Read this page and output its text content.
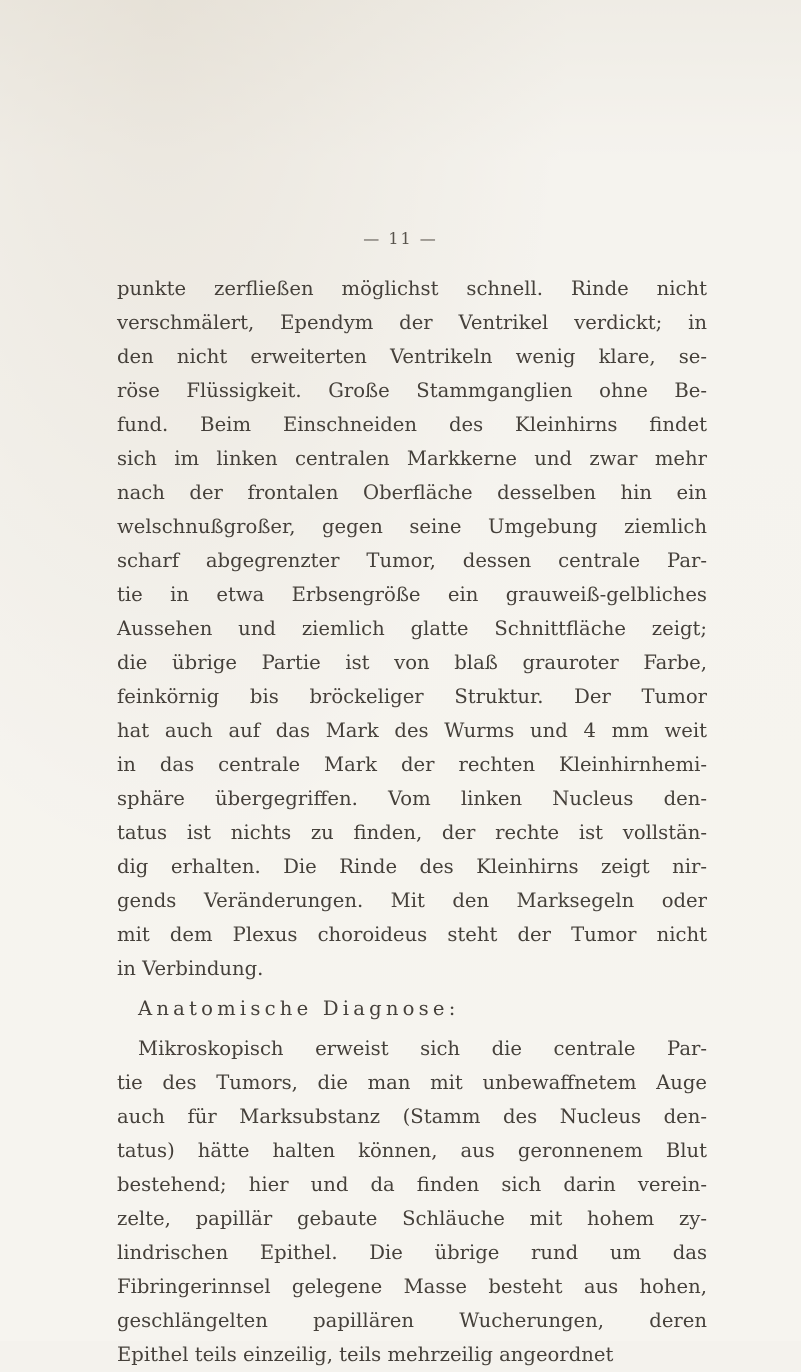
— 11 —
punkte zerfließen möglichst schnell. Rinde nicht
verschmälert, Ependym der Ventrikel verdickt; in
den nicht erweiterten Ventrikeln wenig klare, se-
röse Flüssigkeit. Große Stammganglien ohne Be-
fund. Beim Einschneiden des Kleinhirns findet
sich im linken centralen Markkerne und zwar mehr
nach der frontalen Oberfläche desselben hin ein
welschnußgroßer, gegen seine Umgebung ziemlich
scharf abgegrenzter Tumor, dessen centrale Par-
tie in etwa Erbsengröße ein grauweiß-gelbliches
Aussehen und ziemlich glatte Schnittfläche zeigt;
die übrige Partie ist von blaß grauroter Farbe,
feinkörnig bis bröckeliger Struktur. Der Tumor
hat auch auf das Mark des Wurms und 4 mm weit
in das centrale Mark der rechten Kleinhirnhemi-
sphäre übergegriffen. Vom linken Nucleus den-
tatus ist nichts zu finden, der rechte ist vollstän-
dig erhalten. Die Rinde des Kleinhirns zeigt nir-
gends Veränderungen. Mit den Marksegeln oder
mit dem Plexus choroideus steht der Tumor nicht
in Verbindung.
Anatomische Diagnose:
Mikroskopisch erweist sich die centrale Par-
tie des Tumors, die man mit unbewaffnetem Auge
auch für Marksubstanz (Stamm des Nucleus den-
tatus) hätte halten können, aus geronnenem Blut
bestehend; hier und da finden sich darin verein-
zelte, papillär gebaute Schläuche mit hohem zy-
lindrischen Epithel. Die übrige rund um das
Fibringerinnsel gelegene Masse besteht aus hohen,
geschlängelten papillären Wucherungen, deren
Epithel teils einzeilig, teils mehrzeilig angeordnet
